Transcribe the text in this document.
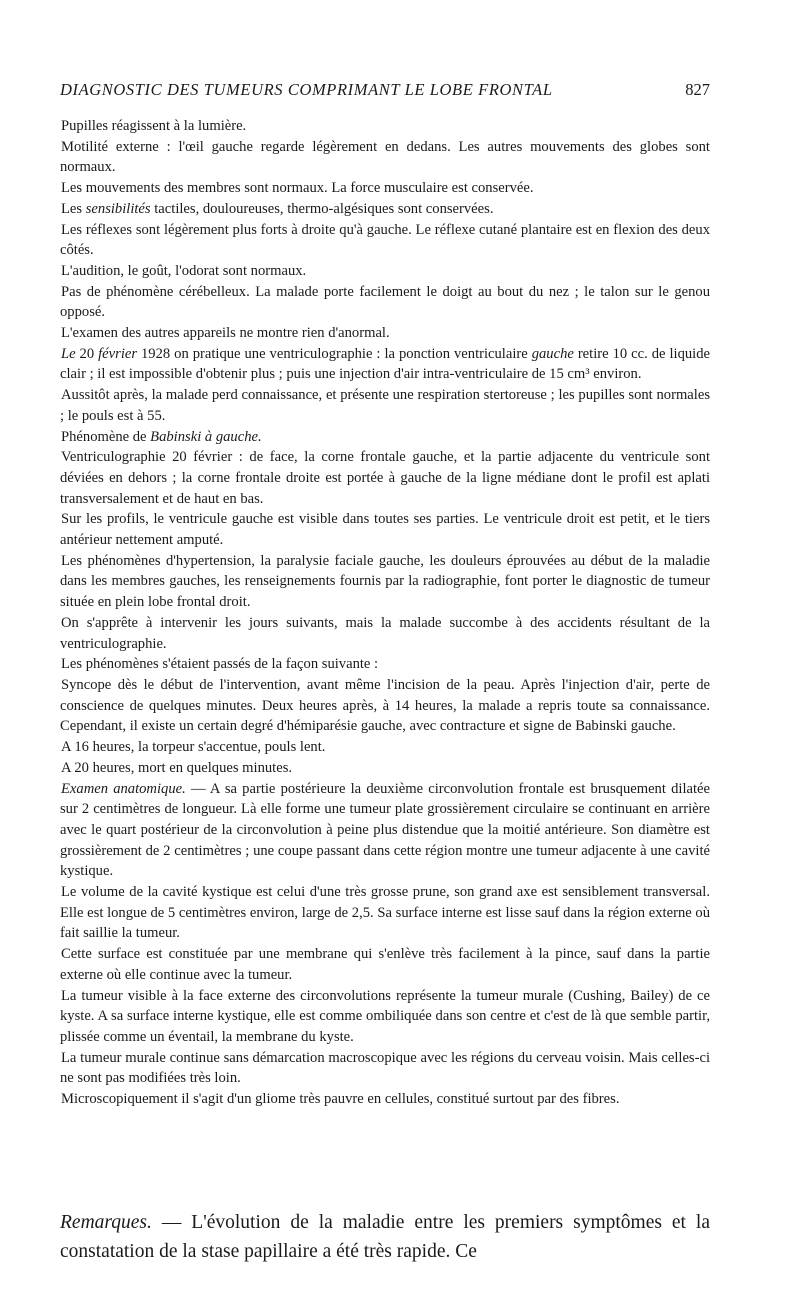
DIAGNOSTIC DES TUMEURS COMPRIMANT LE LOBE FRONTAL	827

Pupilles réagissent à la lumière.

Motilité externe : l'œil gauche regarde légèrement en dedans. Les autres mouvements des globes sont normaux.

Les mouvements des membres sont normaux. La force musculaire est conservée.

Les sensibilités tactiles, douloureuses, thermo-algésiques sont conservées.

Les réflexes sont légèrement plus forts à droite qu'à gauche. Le réflexe cutané plantaire est en flexion des deux côtés.

L'audition, le goût, l'odorat sont normaux.

Pas de phénomène cérébelleux. La malade porte facilement le doigt au bout du nez ; le talon sur le genou opposé.

L'examen des autres appareils ne montre rien d'anormal.

Le 20 février 1928 on pratique une ventriculographie : la ponction ventriculaire gauche retire 10 cc. de liquide clair ; il est impossible d'obtenir plus ; puis une injection d'air intra-ventriculaire de 15 cm³ environ.

Aussitôt après, la malade perd connaissance, et présente une respiration stertoreuse ; les pupilles sont normales ; le pouls est à 55.

Phénomène de Babinski à gauche.

Ventriculographie 20 février : de face, la corne frontale gauche, et la partie adjacente du ventricule sont déviées en dehors ; la corne frontale droite est portée à gauche de la ligne médiane dont le profil est aplati transversalement et de haut en bas.

Sur les profils, le ventricule gauche est visible dans toutes ses parties. Le ventricule droit est petit, et le tiers antérieur nettement amputé.

Les phénomènes d'hypertension, la paralysie faciale gauche, les douleurs éprouvées au début de la maladie dans les membres gauches, les renseignements fournis par la radiographie, font porter le diagnostic de tumeur située en plein lobe frontal droit.

On s'apprête à intervenir les jours suivants, mais la malade succombe à des accidents résultant de la ventriculographie.

Les phénomènes s'étaient passés de la façon suivante :

Syncope dès le début de l'intervention, avant même l'incision de la peau. Après l'injection d'air, perte de conscience de quelques minutes. Deux heures après, à 14 heures, la malade a repris toute sa connaissance. Cependant, il existe un certain degré d'hémiparésie gauche, avec contracture et signe de Babinski gauche.

A 16 heures, la torpeur s'accentue, pouls lent.

A 20 heures, mort en quelques minutes.

Examen anatomique. — A sa partie postérieure la deuxième circonvolution frontale est brusquement dilatée sur 2 centimètres de longueur. Là elle forme une tumeur plate grossièrement circulaire se continuant en arrière avec le quart postérieur de la circonvolution à peine plus distendue que la moitié antérieure. Son diamètre est grossièrement de 2 centimètres ; une coupe passant dans cette région montre une tumeur adjacente à une cavité kystique.

Le volume de la cavité kystique est celui d'une très grosse prune, son grand axe est sensiblement transversal. Elle est longue de 5 centimètres environ, large de 2,5. Sa surface interne est lisse sauf dans la région externe où fait saillie la tumeur.

Cette surface est constituée par une membrane qui s'enlève très facilement à la pince, sauf dans la partie externe où elle continue avec la tumeur.

La tumeur visible à la face externe des circonvolutions représente la tumeur murale (Cushing, Bailey) de ce kyste. A sa surface interne kystique, elle est comme ombiliquée dans son centre et c'est de là que semble partir, plissée comme un éventail, la membrane du kyste.

La tumeur murale continue sans démarcation macroscopique avec les régions du cerveau voisin. Mais celles-ci ne sont pas modifiées très loin.

Microscopiquement il s'agit d'un gliome très pauvre en cellules, constitué surtout par des fibres.

Remarques. — L'évolution de la maladie entre les premiers symptômes et la constatation de la stase papillaire a été très rapide. Ce
